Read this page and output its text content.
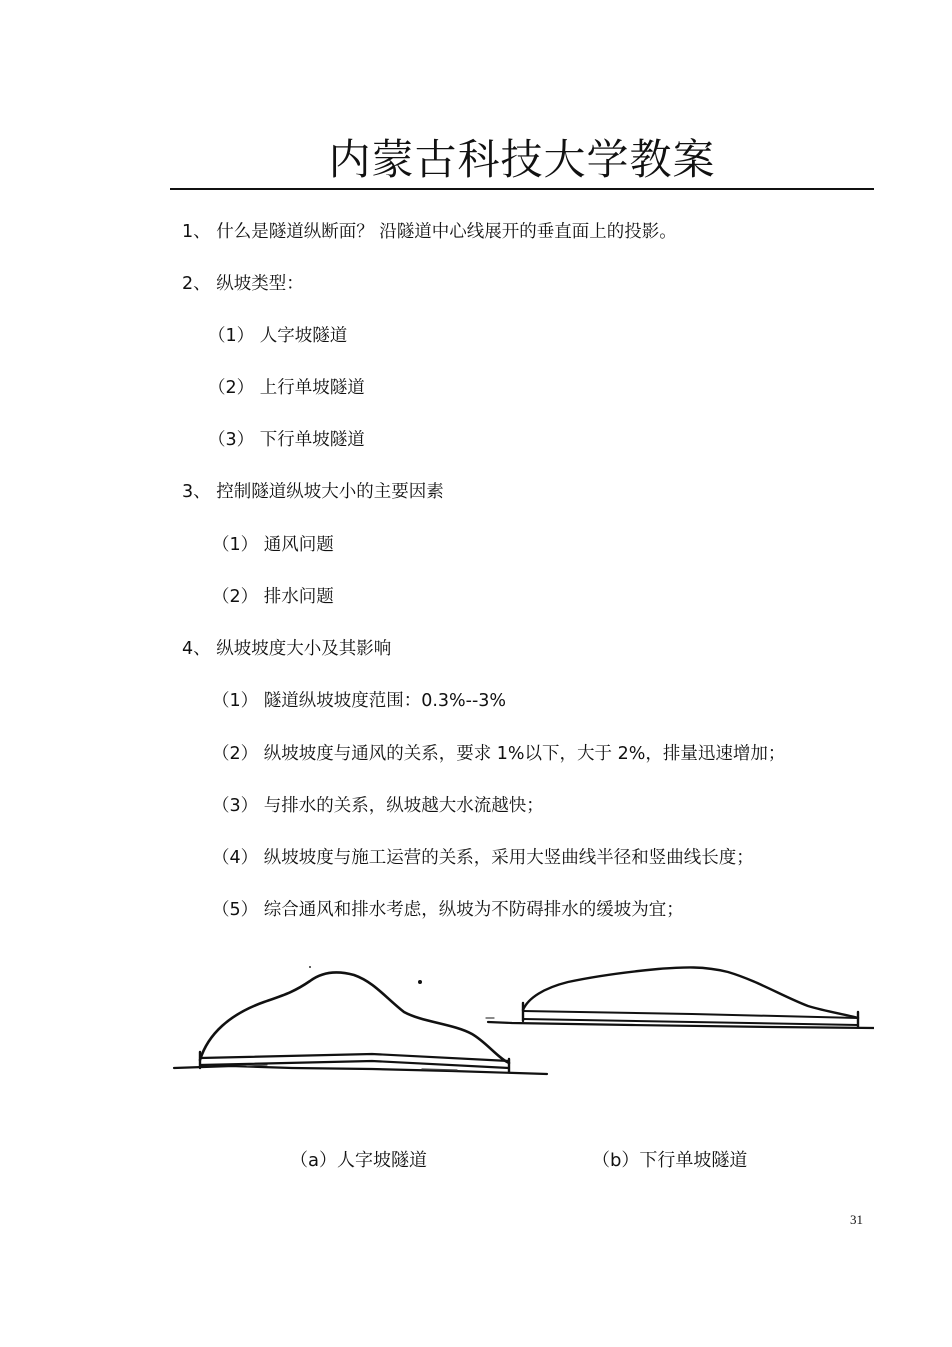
内蒙古科技大学教案
1、 什么是隧道纵断面？ 沿隧道中心线展开的垂直面上的投影。
2、 纵坡类型：
（1） 人字坡隧道
（2） 上行单坡隧道
（3） 下行单坡隧道
3、 控制隧道纵坡大小的主要因素
（1） 通风问题
（2） 排水问题
4、 纵坡坡度大小及其影响
（1） 隧道纵坡坡度范围：0.3%--3%
（2） 纵坡坡度与通风的关系，要求 1%以下，大于 2%，排量迅速增加；
（3） 与排水的关系，纵坡越大水流越快；
（4） 纵坡坡度与施工运营的关系，采用大竖曲线半径和竖曲线长度；
（5） 综合通风和排水考虑，纵坡为不防碍排水的缓坡为宜；
（a）人字坡隧道	（b）下行单坡隧道
31
